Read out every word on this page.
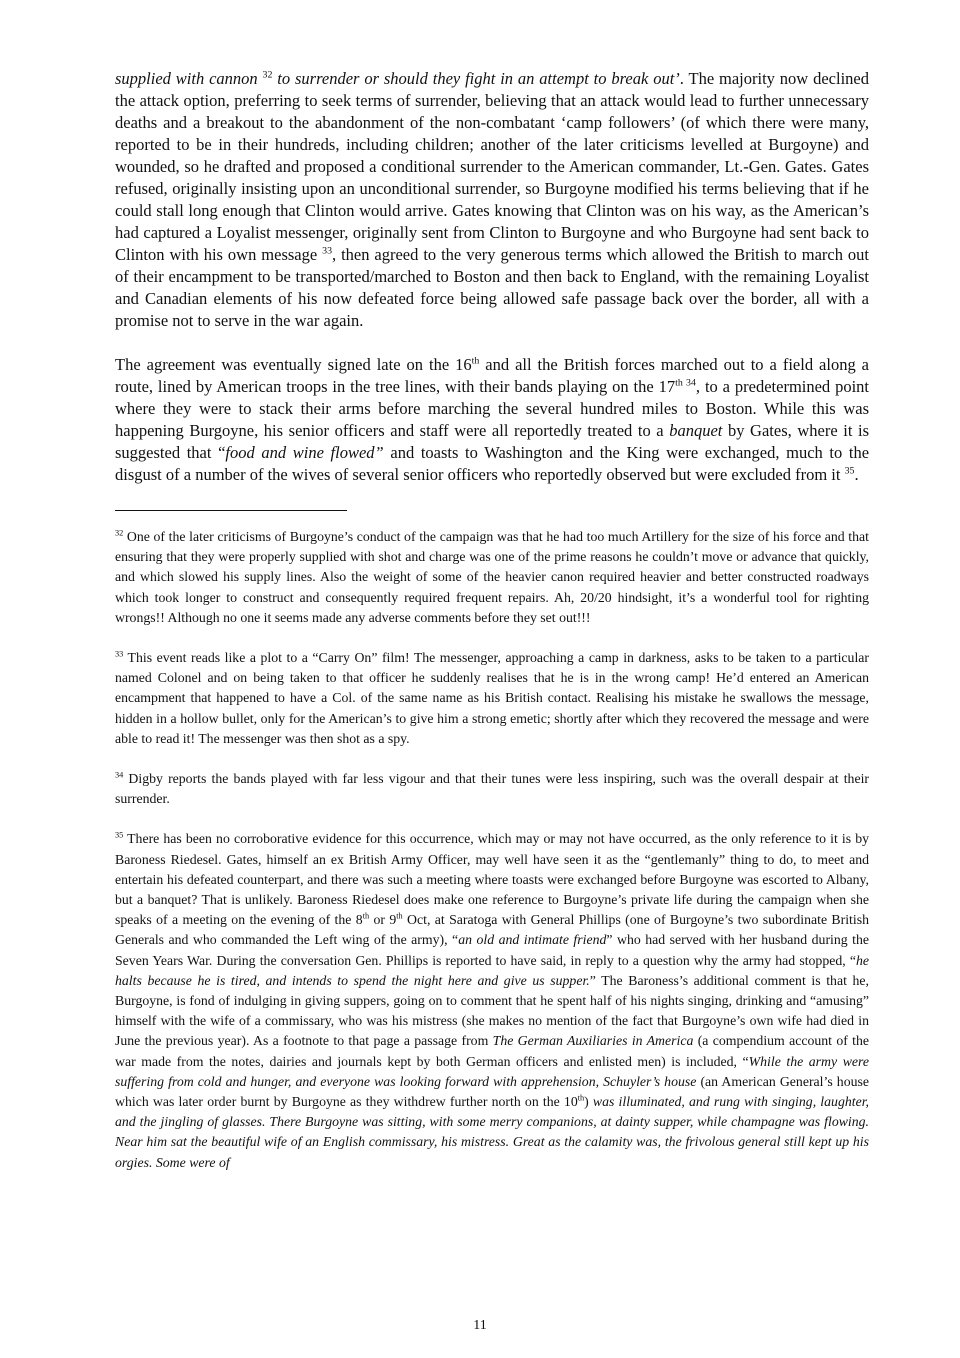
supplied with cannon $^{32}$ to surrender or should they fight in an attempt to break out’. The majority now declined the attack option, preferring to seek terms of surrender, believing that an attack would lead to further unnecessary deaths and a breakout to the abandonment of the non-combatant ‘camp followers’ (of which there were many, reported to be in their hundreds, including children; another of the later criticisms levelled at Burgoyne) and wounded, so he drafted and proposed a conditional surrender to the American commander, Lt.-Gen. Gates. Gates refused, originally insisting upon an unconditional surrender, so Burgoyne modified his terms believing that if he could stall long enough that Clinton would arrive. Gates knowing that Clinton was on his way, as the American’s had captured a Loyalist messenger, originally sent from Clinton to Burgoyne and who Burgoyne had sent back to Clinton with his own message $^{33}$, then agreed to the very generous terms which allowed the British to march out of their encampment to be transported/marched to Boston and then back to England, with the remaining Loyalist and Canadian elements of his now defeated force being allowed safe passage back over the border, all with a promise not to serve in the war again.

The agreement was eventually signed late on the 16th and all the British forces marched out to a field along a route, lined by American troops in the tree lines, with their bands playing on the $17^{th 34}$, to a predetermined point where they were to stack their arms before marching the several hundred miles to Boston. While this was happening Burgoyne, his senior officers and staff were all reportedly treated to a banquet by Gates, where it is suggested that “food and wine flowed” and toasts to Washington and the King were exchanged, much to the disgust of a number of the wives of several senior officers who reportedly observed but were excluded from it $^{35}$.

$^{32}$ One of the later criticisms of Burgoyne’s conduct of the campaign was that he had too much Artillery for the size of his force and that ensuring that they were properly supplied with shot and charge was one of the prime reasons he couldn’t move or advance that quickly, and which slowed his supply lines. Also the weight of some of the heavier canon required heavier and better constructed roadways which took longer to construct and consequently required frequent repairs. Ah, 20/20 hindsight, it’s a wonderful tool for righting wrongs!! Although no one it seems made any adverse comments before they set out!!!

$^{33}$ This event reads like a plot to a “Carry On” film! The messenger, approaching a camp in darkness, asks to be taken to a particular named Colonel and on being taken to that officer he suddenly realises that he is in the wrong camp! He’d entered an American encampment that happened to have a Col. of the same name as his British contact. Realising his mistake he swallows the message, hidden in a hollow bullet, only for the American’s to give him a strong emetic; shortly after which they recovered the message and were able to read it! The messenger was then shot as a spy.

$^{34}$ Digby reports the bands played with far less vigour and that their tunes were less inspiring, such was the overall despair at their surrender.

$^{35}$ There has been no corroborative evidence for this occurrence, which may or may not have occurred, as the only reference to it is by Baroness Riedesel. Gates, himself an ex British Army Officer, may well have seen it as the “gentlemanly” thing to do, to meet and entertain his defeated counterpart, and there was such a meeting where toasts were exchanged before Burgoyne was escorted to Albany, but a banquet? That is unlikely. Baroness Riedesel does make one reference to Burgoyne’s private life during the campaign when she speaks of a meeting on the evening of the 8th or 9th Oct, at Saratoga with General Phillips (one of Burgoyne’s two subordinate British Generals and who commanded the Left wing of the army), “an old and intimate friend” who had served with her husband during the Seven Years War. During the conversation Gen. Phillips is reported to have said, in reply to a question why the army had stopped, “he halts because he is tired, and intends to spend the night here and give us supper.” The Baroness’s additional comment is that he, Burgoyne, is fond of indulging in giving suppers, going on to comment that he spent half of his nights singing, drinking and “amusing” himself with the wife of a commissary, who was his mistress (she makes no mention of the fact that Burgoyne’s own wife had died in June the previous year). As a footnote to that page a passage from The German Auxiliaries in America (a compendium account of the war made from the notes, dairies and journals kept by both German officers and enlisted men) is included, “While the army were suffering from cold and hunger, and everyone was looking forward with apprehension, Schuyler’s house (an American General’s house which was later order burnt by Burgoyne as they withdrew further north on the 10th) was illuminated, and rung with singing, laughter, and the jingling of glasses. There Burgoyne was sitting, with some merry companions, at dainty supper, while champagne was flowing. Near him sat the beautiful wife of an English commissary, his mistress. Great as the calamity was, the frivolous general still kept up his orgies. Some were of

11
